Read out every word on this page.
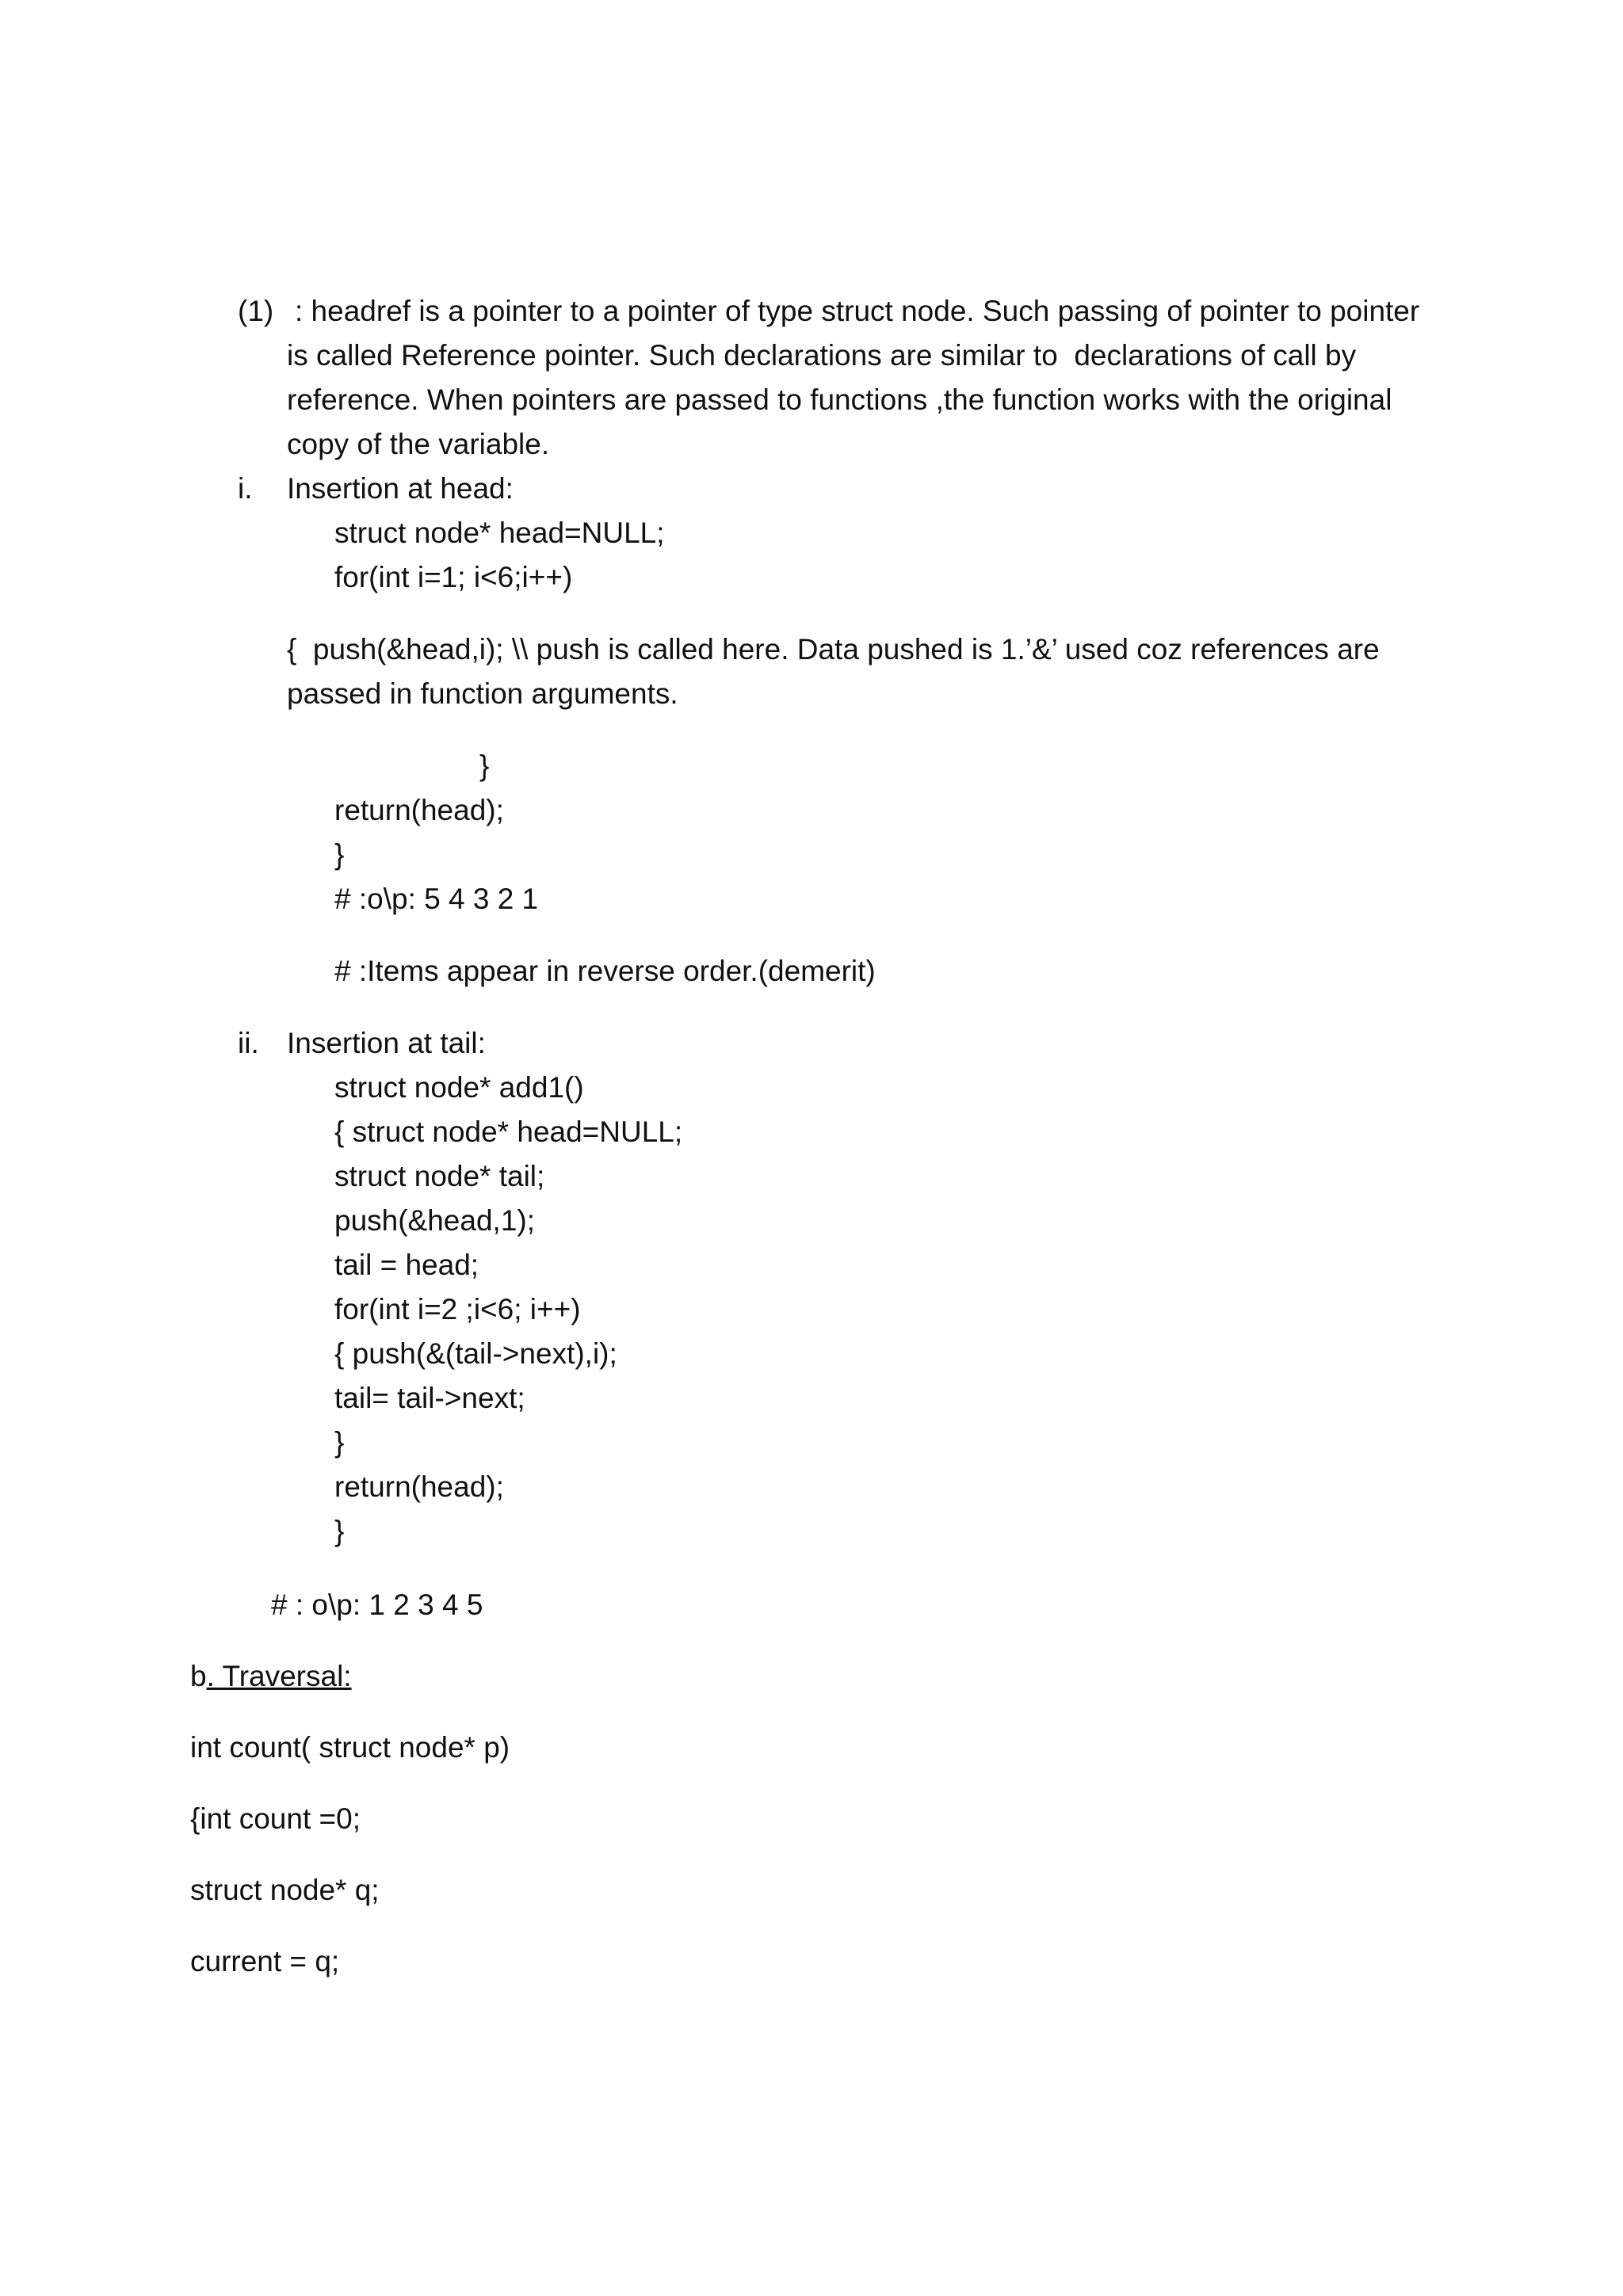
(1) : headref is a pointer to a pointer of type struct node. Such passing of pointer to pointer
is called Reference pointer. Such declarations are similar to  declarations of call by
reference. When pointers are passed to functions ,the function works with the original
copy of the variable.
i. Insertion at head:
struct node* head=NULL;
for(int i=1; i<6;i++)
{  push(&head,i); \\ push is called here. Data pushed is 1.’&’ used coz references are
passed in function arguments.
}
return(head);
}
# :o\p: 5 4 3 2 1
# :Items appear in reverse order.(demerit)
ii. Insertion at tail:
struct node* add1()
{ struct node* head=NULL;
struct node* tail;
push(&head,1);
tail = head;
for(int i=2 ;i<6; i++)
{ push(&(tail->next),i);
tail= tail->next;
}
return(head);
}
# : o\p: 1 2 3 4 5
b. Traversal:
int count( struct node* p)
{int count =0;
struct node* q;
current = q;
